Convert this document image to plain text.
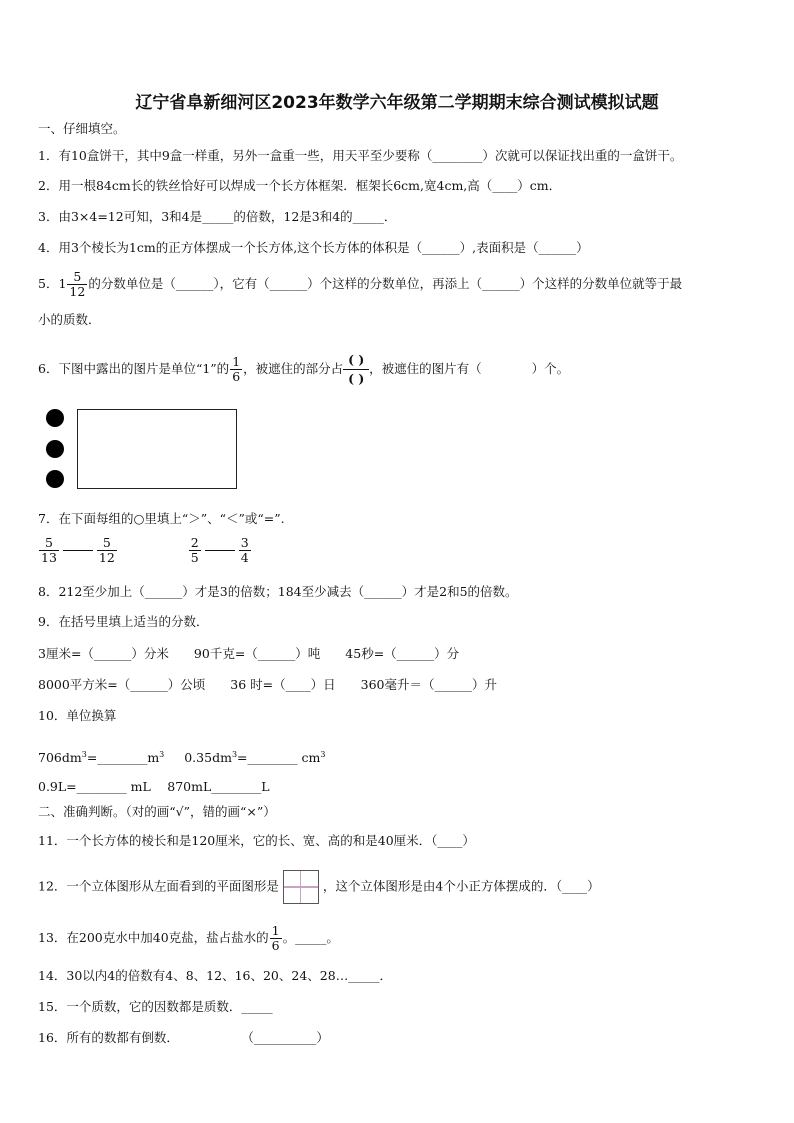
辽宁省阜新细河区2023年数学六年级第二学期期末综合测试模拟试题
一、仔细填空。
1．有10盒饼干，其中9盒一样重，另外一盒重一些，用天平至少要称（________）次就可以保证找出重的一盒饼干。
2．用一根84cm长的铁丝恰好可以焊成一个长方体框架．框架长6cm,宽4cm,高（____）cm．
3．由3×4=12可知，3和4是_____的倍数，12是3和4的_____．
4．用3个棱长为1cm的正方体摆成一个长方体,这个长方体的体积是（______）,表面积是（______）
5．$1 \frac{5}{12}$ 的分数单位是（______），它有（______）个这样的分数单位，再添上（______）个这样的分数单位就等于最
小的质数．
6．下图中露出的图片是单位“1”的 $\frac{1}{6}$ ，被遮住的部分占 $\frac{( )}{( )}$ ，被遮住的图片有（　　　　）个。
7．在下面每组的○里填上“＞”、“＜”或“=”.
$\frac{5}{13}$	$\frac{5}{12}$
	$\frac{2}{5}$	$\frac{3}{4}$
8．212至少加上（______）才是3的倍数；184至少减去（______）才是2和5的倍数。
9．在括号里填上适当的分数．
3厘米=（______）分米　　90千克=（______）吨　　45秒=（______）分
8000平方米=（______）公顷　　36 时=（____）日　　360毫升＝（______）升
10．单位换算
$706dm^3=\_\_\_\_\_\_\_\_m^3$ $0.35dm^3=\_\_\_\_\_\_\_\_$ $cm^3$
0.9L=________ mL　 870mL________L
二、准确判断。（对的画“√”，错的画“×”）
11．一个长方体的棱长和是120厘米，它的长、宽、高的和是40厘米．（____）
12．一个立体图形从左面看到的平面图形是	，这个立体图形是由4个小正方体摆成的．（____）
13．在200克水中加40克盐，盐占盐水的 $\frac{1}{6}$ 。_____。
14．30以内4的倍数有4、8、12、16、20、24、28…_____．
15．一个质数，它的因数都是质数．_____
16．所有的数都有倒数．　　　　　　（__________）
